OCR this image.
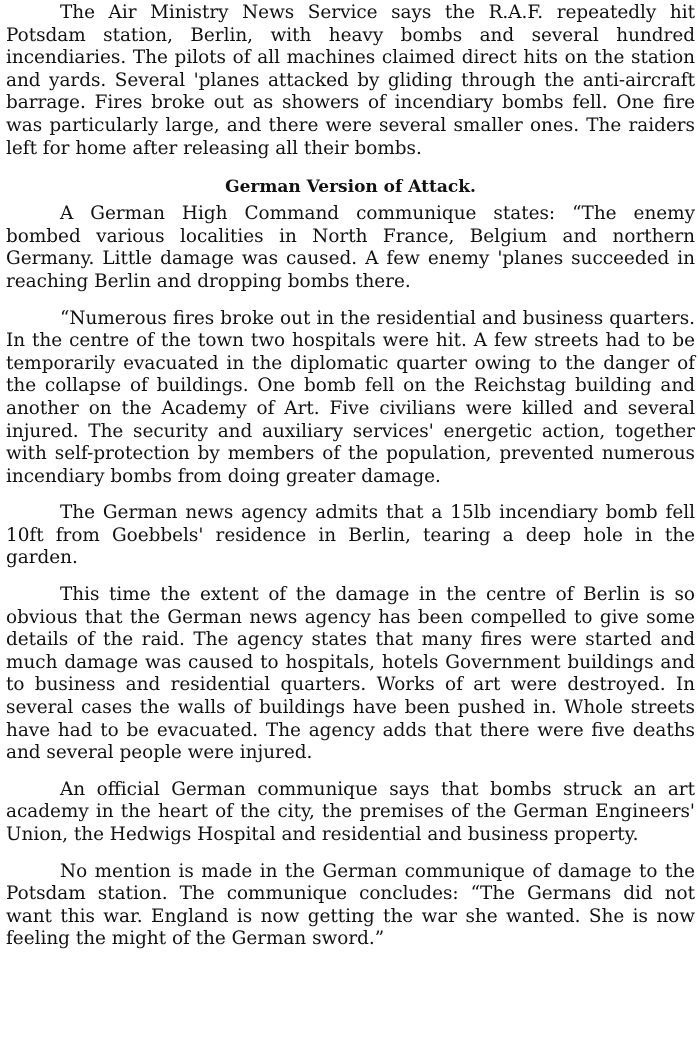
The Air Ministry News Service says the R.A.F. repeatedly hit Potsdam station, Berlin, with heavy bombs and several hundred incendiaries. The pilots of all machines claimed direct hits on the station and yards. Several 'planes attacked by gliding through the anti-aircraft barrage. Fires broke out as showers of incendiary bombs fell. One fire was particularly large, and there were several smaller ones. The raiders left for home after releasing all their bombs.

German Version of Attack.

A German High Command communique states: “The enemy bombed various localities in North France, Belgium and northern Germany. Little damage was caused. A few enemy 'planes succeeded in reaching Berlin and dropping bombs there.

“Numerous fires broke out in the residential and business quarters. In the centre of the town two hospitals were hit. A few streets had to be temporarily evacuated in the diplomatic quarter owing to the danger of the collapse of buildings. One bomb fell on the Reichstag building and another on the Academy of Art. Five civilians were killed and several injured. The security and auxiliary services' energetic action, together with self-protection by members of the population, prevented numerous incendiary bombs from doing greater damage.

The German news agency admits that a 15lb incendiary bomb fell 10ft from Goebbels' residence in Berlin, tearing a deep hole in the garden.

This time the extent of the damage in the centre of Berlin is so obvious that the German news agency has been compelled to give some details of the raid. The agency states that many fires were started and much damage was caused to hospitals, hotels Government buildings and to business and residential quarters. Works of art were destroyed. In several cases the walls of buildings have been pushed in. Whole streets have had to be evacuated. The agency adds that there were five deaths and several people were injured.

An official German communique says that bombs struck an art academy in the heart of the city, the premises of the German Engineers' Union, the Hedwigs Hospital and residential and business property.

No mention is made in the German communique of damage to the Potsdam station. The communique concludes: “The Germans did not want this war. England is now getting the war she wanted. She is now feeling the might of the German sword.”
